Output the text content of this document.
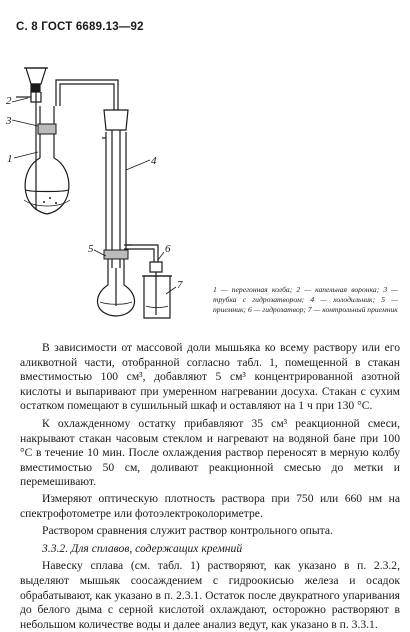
С. 8 ГОСТ 6689.13—92
1
2
3
4
5	6
7	1 — перегонная колба; 2 — капельная воронка; 3 — трубка с гидрозатвором; 4 — холодильник; 5 — приемник; 6 — гидрозатвор; 7 — контрольный приемник

В зависимости от массовой доли мышьяка ко всему раствору или его аликвотной части, отобранной согласно табл. 1, помещенной в стакан вместимостью 100 см³, добавляют 5 см³ концентрированной азотной кислоты и выпаривают при умеренном нагревании досуха. Стакан с сухим остатком помещают в сушильный шкаф и оставляют на 1 ч при 130 °C.

К охлажденному остатку прибавляют 35 см³ реакционной смеси, накрывают стакан часовым стеклом и нагревают на водяной бане при 100 °C в течение 10 мин. После охлаждения раствор переносят в мерную колбу вместимостью 50 см, доливают реакционной смесью до метки и перемешивают.

Измеряют оптическую плотность раствора при 750 или 660 нм на спектрофотометре или фотоэлектроколориметре.

Раствором сравнения служит раствор контрольного опыта.

3.3.2. Для сплавов, содержащих кремний

Навеску сплава (см. табл. 1) растворяют, как указано в п. 2.3.2, выделяют мышьяк соосаждением с гидроокисью железа и осадок обрабатывают, как указано в п. 2.3.1. Остаток после двукратного упаривания до белого дыма с серной кислотой охлаждают, осторожно растворяют в небольшом количестве воды и далее анализ ведут, как указано в п. 3.3.1.
